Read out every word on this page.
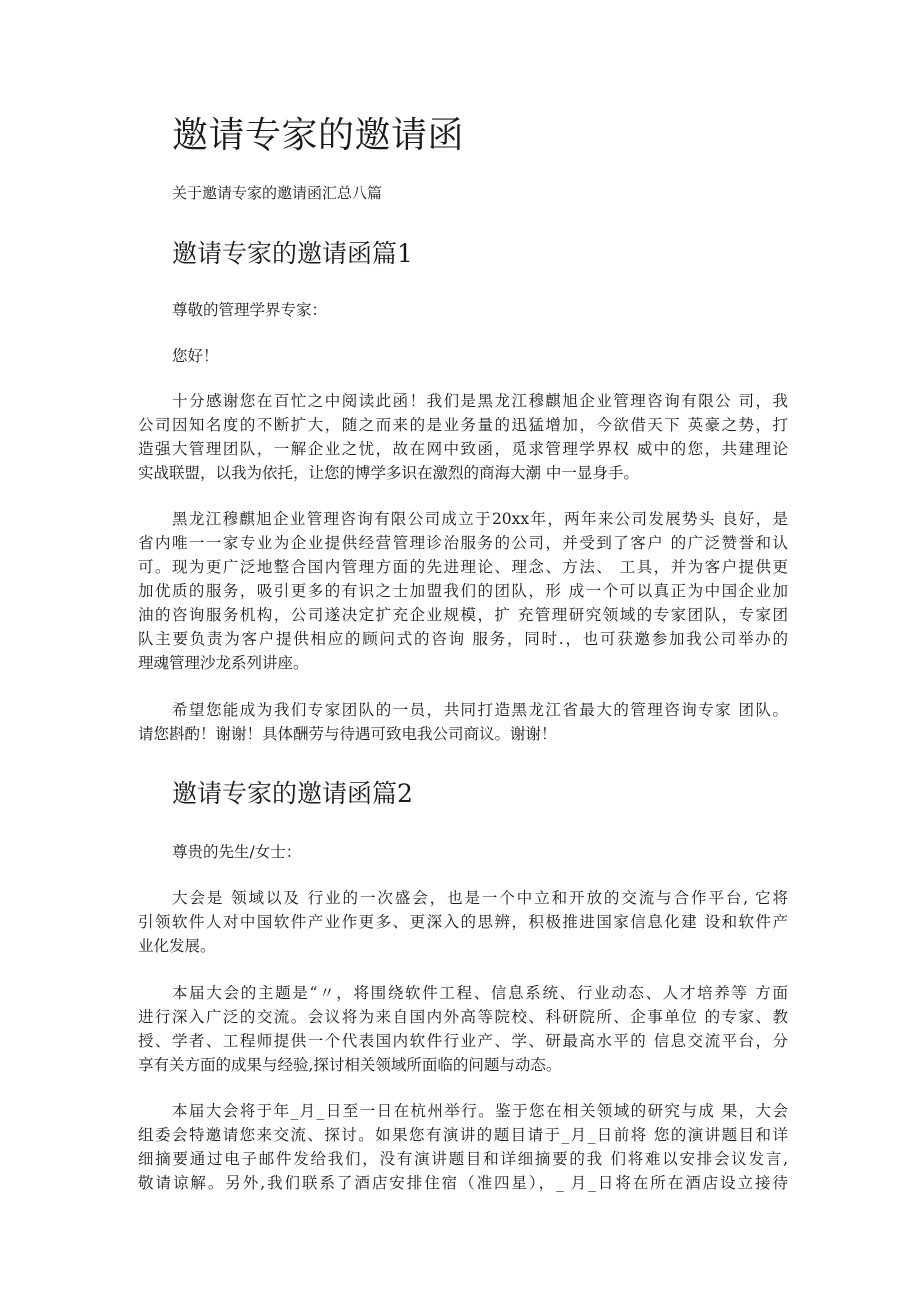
邀请专家的邀请函

关于邀请专家的邀请函汇总八篇

邀请专家的邀请函篇1

尊敬的管理学界专家：

您好！

十分感谢您在百忙之中阅读此函！我们是黑龙江穆麒旭企业管理咨询有限公 司，我

公司因知名度的不断扩大，随之而来的是业务量的迅猛增加，今欲借天下 英豪之势，打

造强大管理团队，一解企业之忧，故在网中致函，觅求管理学界权 威中的您，共建理论

实战联盟，以我为依托，让您的博学多识在激烈的商海大潮 中一显身手。

黑龙江穆麒旭企业管理咨询有限公司成立于20xx年，两年来公司发展势头 良好，是

省内唯一一家专业为企业提供经营管理诊治服务的公司，并受到了客户 的广泛赞誉和认

可。现为更广泛地整合国内管理方面的先进理论、理念、方法、 工具，并为客户提供更

加优质的服务，吸引更多的有识之士加盟我们的团队，形 成一个可以真正为中国企业加

油的咨询服务机构，公司遂决定扩充企业规模，扩 充管理研究领域的专家团队，专家团

队主要负责为客户提供相应的顾问式的咨询 服务，同时.，也可获邀参加我公司举办的

理魂管理沙龙系列讲座。

希望您能成为我们专家团队的一员，共同打造黑龙江省最大的管理咨询专家 团队。

请您斟酌！谢谢！具体酬劳与待遇可致电我公司商议。谢谢！

邀请专家的邀请函篇2

尊贵的先生/女士：

大会是 领域以及 行业的一次盛会，也是一个中立和开放的交流与合作平台, 它将

引领软件人对中国软件产业作更多、更深入的思辨，积极推进国家信息化建 设和软件产

业化发展。

本届大会的主题是“〃，将围绕软件工程、信息系统、行业动态、人才培养等 方面

进行深入广泛的交流。会议将为来自国内外高等院校、科研院所、企事单位 的专家、教

授、学者、工程师提供一个代表国内软件行业产、学、研最高水平的 信息交流平台，分

享有关方面的成果与经验,探讨相关领域所面临的问题与动态。

本届大会将于年_月_日至一日在杭州举行。鉴于您在相关领域的研究与成 果，大会

组委会特邀请您来交流、探讨。如果您有演讲的题目请于_月_日前将 您的演讲题目和详

细摘要通过电子邮件发给我们，没有演讲题目和详细摘要的我 们将难以安排会议发言,

敬请谅解。另外,我们联系了酒店安排住宿（准四星），_ 月_日将在所在酒店设立接待
